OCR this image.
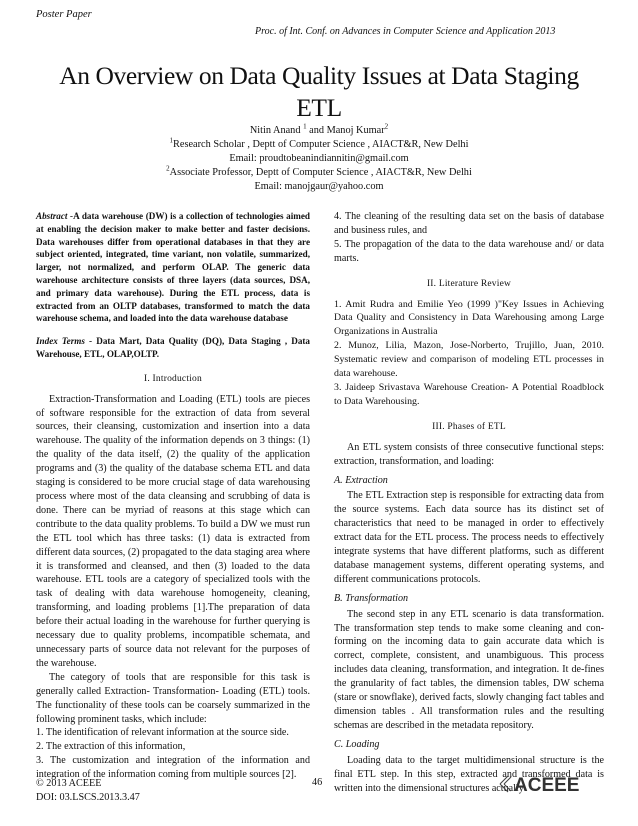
Poster Paper
Proc. of Int. Conf. on Advances in Computer Science and Application 2013
An Overview on Data Quality Issues at Data Staging ETL
Nitin Anand $^1$ and Manoj Kumar$^2$
$^1$Research Scholar , Deptt of Computer Science , AIACT&R, New Delhi
Email: proudtobeanindiannitin@gmail.com
$^2$Associate Professor, Deptt of Computer Science , AIACT&R, New Delhi
Email: manojgaur@yahoo.com

Abstract -A data warehouse (DW) is a collection of technologies aimed at enabling the decision maker to make better and faster decisions. Data warehouses differ from operational databases in that they are subject oriented, integrated, time variant, non volatile, summarized, larger, not normalized, and perform OLAP. The generic data warehouse architecture consists of three layers (data sources, DSA, and primary data warehouse). During the ETL process, data is extracted from an OLTP databases, transformed to match the data warehouse schema, and loaded into the data warehouse database

Index Terms - Data Mart, Data Quality (DQ), Data Staging , Data Warehouse, ETL, OLAP,OLTP.

I. Introduction

Extraction-Transformation and Loading (ETL) tools are pieces of software responsible for the extraction of data from several sources, their cleansing, customization and insertion into a data warehouse. The quality of the information depends on 3 things: (1) the quality of the data itself, (2) the quality of the application programs and (3) the quality of the database schema ETL and data staging is considered to be more crucial stage of data warehousing process where most of the data cleansing and scrubbing of data is done. There can be myriad of reasons at this stage which can contribute to the data quality problems. To build a DW we must run the ETL tool which has three tasks: (1) data is extracted from different data sources, (2) propagated to the data staging area where it is transformed and cleansed, and then (3) loaded to the data warehouse. ETL tools are a category of specialized tools with the task of dealing with data warehouse homogeneity, cleaning, transforming, and loading problems [1].The preparation of data before their actual loading in the warehouse for further querying is necessary due to quality problems, incompatible schemata, and unnecessary parts of source data not relevant for the purposes of the warehouse.

The category of tools that are responsible for this task is generally called Extraction- Transformation- Loading (ETL) tools. The functionality of these tools can be coarsely summarized in the following prominent tasks, which include:

1. The identification of relevant information at the source side.

2. The extraction of this information,

3. The customization and integration of the information and integration of the information coming from multiple sources [2].

4. The cleaning of the resulting data set on the basis of database and business rules, and

5. The propagation of the data to the data warehouse and/ or data marts.

II. Literature Review

1. Amit Rudra and Emilie Yeo (1999 )"Key Issues in Achieving Data Quality and Consistency in Data Warehousing among Large Organizations in Australia

2. Munoz, Lilia, Mazon, Jose-Norberto, Trujillo, Juan, 2010. Systematic review and comparison of modeling ETL processes in data warehouse.

3. Jaideep Srivastava Warehouse Creation- A Potential Roadblock to Data Warehousing.

III. Phases of ETL

An ETL system consists of three consecutive functional steps: extraction, transformation, and loading:

A. Extraction

The ETL Extraction step is responsible for extracting data from the source systems. Each data source has its distinct set of characteristics that need to be managed in order to effectively extract data for the ETL process. The process needs to effectively integrate systems that have different platforms, such as different database management systems, different operating systems, and different communications protocols.

B. Transformation

The second step in any ETL scenario is data transformation. The transformation step tends to make some cleaning and con-forming on the incoming data to gain accurate data which is correct, complete, consistent, and unambiguous. This process includes data cleaning, transformation, and integration. It de-fines the granularity of fact tables, the dimension tables, DW schema (stare or snowflake), derived facts, slowly changing fact tables and dimension tables . All transformation rules and the resulting schemas are described in the metadata repository.

C. Loading

Loading data to the target multidimensional structure is the final ETL step. In this step, extracted and transformed data is written into the dimensional structures actually

© 2013 ACEEE
DOI: 03.LSCS.2013.3.47
46	ACEEE
